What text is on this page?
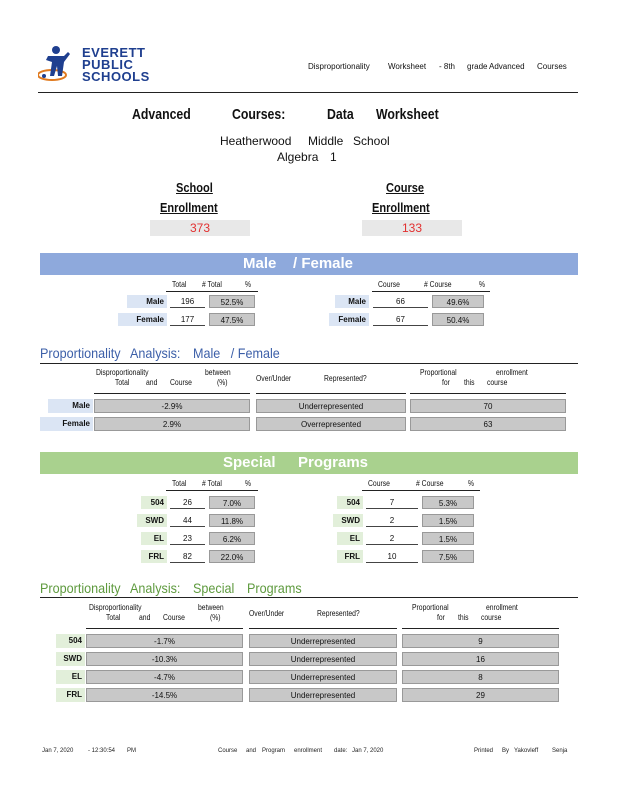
EVERETT
PUBLIC
SCHOOLS
Disproportionality Worksheet - 8th grade Advanced Courses
Advanced	Courses:	Data Worksheet
Heatherwood Middle School
Algebra 1
School
Enrollment
373
Course
Enrollment
133
Male / Female
Total # Total	%	Course	# Course	%
Male	196	52.5%	Male	66	49.6%
Female	177	47.5%	Female	67	50.4%
Proportionality Analysis: Male / Female
Disproportionality	between
Total and Course	(%)	Over/Under	Represented?
Proportional	enrollment
for this course
Male	-2.9%	Underrepresented	70
Female	2.9%	Overrepresented	63
Special Programs
Total # Total	%	Course	# Course	%
504	26	7.0%	504	7	5.3%
SWD	44	11.8%	SWD	2	1.5%
EL	23	6.2%	EL	2	1.5%
FRL	82	22.0%	FRL	10	7.5%
Proportionality Analysis: Special Programs
Disproportionality	between
Total and Course	(%)	Over/Under	Represented?
Proportional	enrollment
for this course
504	-1.7%	Underrepresented	9
SWD	-10.3%	Underrepresented	16
EL	-4.7%	Underrepresented	8
FRL	-14.5%	Underrepresented	29
Jan 7, 2020 - 12:30:54 PM	Course and Program enrollment date: Jan 7, 2020	Printed By Yakovleff Senja
